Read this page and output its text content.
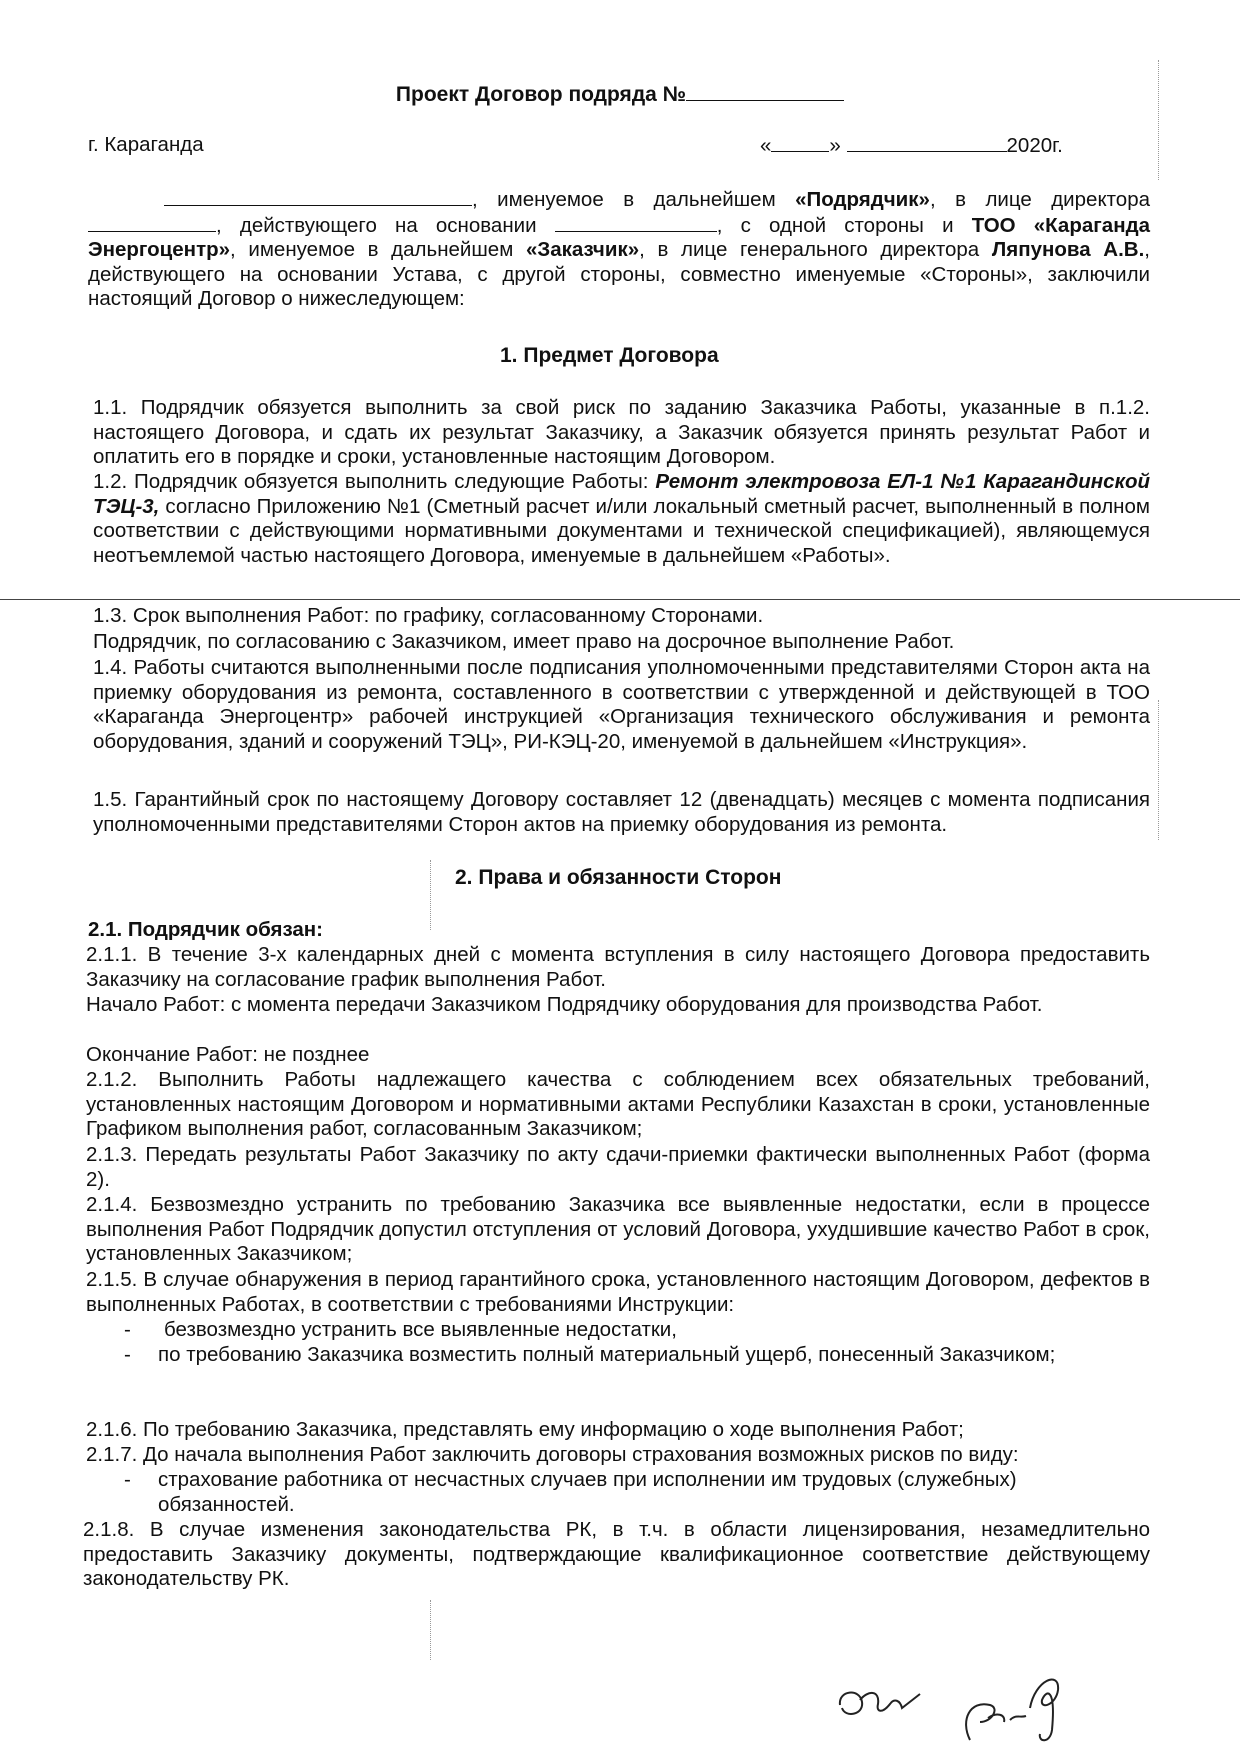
Проект Договор подряда №
г. Караганда	«	»	2020г.
, именуемое в дальнейшем «Подрядчик», в лице директора , действующего на основании	, с одной стороны и ТОО «Караганда Энергоцентр», именуемое в дальнейшем «Заказчик», в лице генерального директора Ляпунова А.В., действующего на основании Устава, с другой стороны, совместно именуемые «Стороны», заключили настоящий Договор о нижеследующем:
1. Предмет Договора
1.1. Подрядчик обязуется выполнить за свой риск по заданию Заказчика Работы, указанные в п.1.2. настоящего Договора, и сдать их результат Заказчику, а Заказчик обязуется принять результат Работ и оплатить его в порядке и сроки, установленные настоящим Договором.
1.2. Подрядчик обязуется выполнить следующие Работы: Ремонт электровоза ЕЛ-1 №1 Карагандинской ТЭЦ-3, согласно Приложению №1 (Сметный расчет и/или локальный сметный расчет, выполненный в полном соответствии с действующими нормативными документами и технической спецификацией), являющемуся неотъемлемой частью настоящего Договора, именуемые в дальнейшем «Работы».
1.3. Срок выполнения Работ: по графику, согласованному Сторонами.
Подрядчик, по согласованию с Заказчиком, имеет право на досрочное выполнение Работ.
1.4. Работы считаются выполненными после подписания уполномоченными представителями Сторон акта на приемку оборудования из ремонта, составленного в соответствии с утвержденной и действующей в ТОО «Караганда Энергоцентр» рабочей инструкцией «Организация технического обслуживания и ремонта оборудования, зданий и сооружений ТЭЦ», РИ-КЭЦ-20, именуемой в дальнейшем «Инструкция».
1.5. Гарантийный срок по настоящему Договору составляет 12 (двенадцать) месяцев с момента подписания уполномоченными представителями Сторон актов на приемку оборудования из ремонта.
2. Права и обязанности Сторон
2.1. Подрядчик обязан:
2.1.1. В течение 3-х календарных дней с момента вступления в силу настоящего Договора предоставить Заказчику на согласование график выполнения Работ.
Начало Работ: с момента передачи Заказчиком Подрядчику оборудования для производства Работ.
Окончание Работ: не позднее
2.1.2. Выполнить Работы надлежащего качества с соблюдением всех обязательных требований, установленных настоящим Договором и нормативными актами Республики Казахстан в сроки, установленные Графиком выполнения работ, согласованным Заказчиком;
2.1.3. Передать результаты Работ Заказчику по акту сдачи-приемки фактически выполненных Работ (форма 2).
2.1.4. Безвозмездно устранить по требованию Заказчика все выявленные недостатки, если в процессе выполнения Работ Подрядчик допустил отступления от условий Договора, ухудшившие качество Работ в срок, установленных Заказчиком;
2.1.5. В случае обнаружения в период гарантийного срока, установленного настоящим Договором, дефектов в выполненных Работах, в соответствии с требованиями Инструкции:
- безвозмездно устранить все выявленные недостатки,
- по требованию Заказчика возместить полный материальный ущерб, понесенный Заказчиком;
2.1.6. По требованию Заказчика, представлять ему информацию о ходе выполнения Работ;
2.1.7. До начала выполнения Работ заключить договоры страхования возможных рисков по виду:
- страхование работника от несчастных случаев при исполнении им трудовых (служебных) обязанностей.
2.1.8. В случае изменения законодательства РК, в т.ч. в области лицензирования, незамедлительно предоставить Заказчику документы, подтверждающие квалификационное соответствие действующему законодательству РК.
